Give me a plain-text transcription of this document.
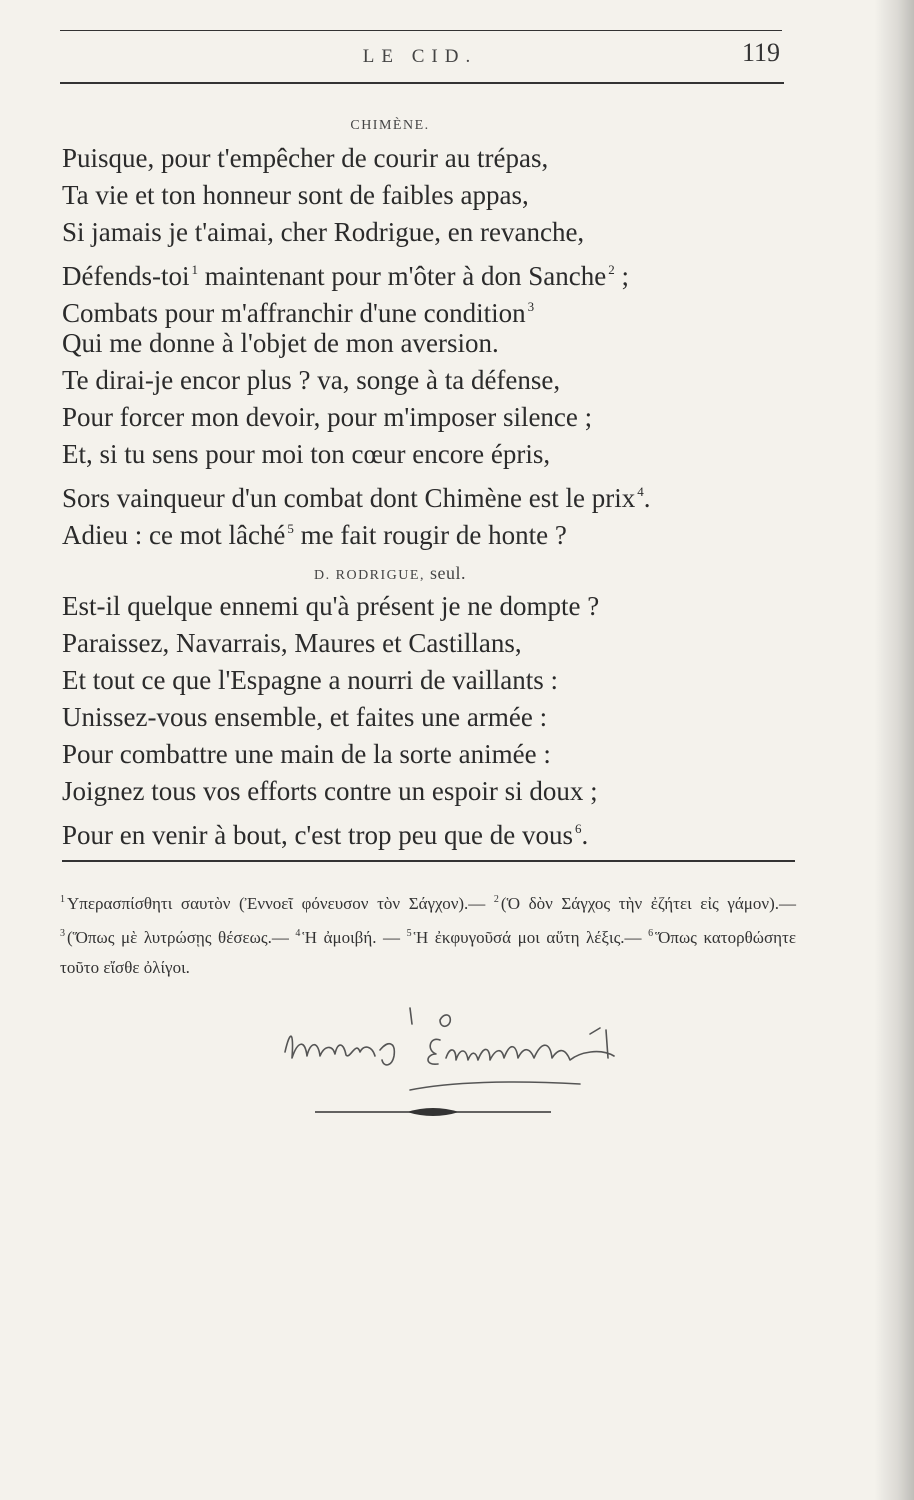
LE CID.	119
CHIMÈNE.
Puisque, pour t'empêcher de courir au trépas,
Ta vie et ton honneur sont de faibles appas,
Si jamais je t'aimai, cher Rodrigue, en revanche,
Défends-toi $^1$ maintenant pour m'ôter à don Sanche $^2$ ;
Combats pour m'affranchir d'une condition $^3$
Qui me donne à l'objet de mon aversion.
Te dirai-je encor plus ? va, songe à ta défense,
Pour forcer mon devoir, pour m'imposer silence ;
Et, si tu sens pour moi ton cœur encore épris,
Sors vainqueur d'un combat dont Chimène est le prix $^4$.
Adieu : ce mot lâché $^5$ me fait rougir de honte ?
D. RODRIGUE, seul.
Est-il quelque ennemi qu'à présent je ne dompte ?
Paraissez, Navarrais, Maures et Castillans,
Et tout ce que l'Espagne a nourri de vaillants :
Unissez-vous ensemble, et faites une armée :
Pour combattre une main de la sorte animée :
Joignez tous vos efforts contre un espoir si doux ;
Pour en venir à bout, c'est trop peu que de vous $^6$.
$^1$ Υπερασπίσθητι σαυτὸν (Ἐννοεῖ φόνευσον τὸν Σάγχον).— $^2$ (Ὁ δὸν Σάγχος τὴν ἐζήτει εἰς γάμον).— $^3$ (Ὅπως μὲ λυτρώσῃς θέσεως.— $^4$ Ἡ ἀμοιβή. — $^5$ Ἡ ἐκφυγοῦσά μοι αὕτη λέξις.— $^6$ Ὅπως κατορθώσητε τοῦτο εἴσθε ὀλίγοι.
